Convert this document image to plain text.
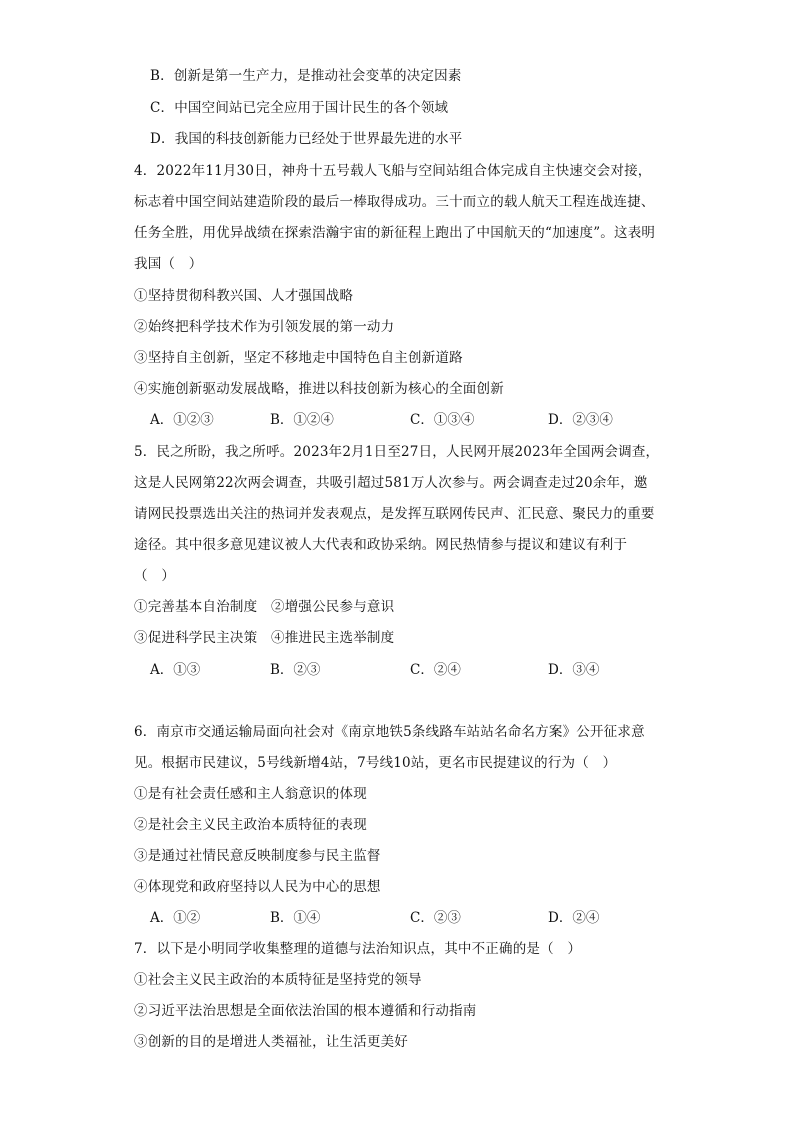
B．创新是第一生产力，是推动社会变革的决定因素
C．中国空间站已完全应用于国计民生的各个领域
D．我国的科技创新能力已经处于世界最先进的水平
4．2022年11月30日，神舟十五号载人飞船与空间站组合体完成自主快速交会对接，
标志着中国空间站建造阶段的最后一棒取得成功。三十而立的载人航天工程连战连捷、
任务全胜，用优异战绩在探索浩瀚宇宙的新征程上跑出了中国航天的“加速度”。这表明
我国（　）
①坚持贯彻科教兴国、人才强国战略
②始终把科学技术作为引领发展的第一动力
③坚持自主创新，坚定不移地走中国特色自主创新道路
④实施创新驱动发展战略，推进以科技创新为核心的全面创新
A．①②③	B．①②④	C．①③④	D．②③④
5．民之所盼，我之所呼。2023年2月1日至27日，人民网开展2023年全国两会调查，
这是人民网第22次两会调查，共吸引超过581万人次参与。两会调查走过20余年，邀
请网民投票选出关注的热词并发表观点，是发挥互联网传民声、汇民意、聚民力的重要
途径。其中很多意见建议被人大代表和政协采纳。网民热情参与提议和建议有利于
（　）
①完善基本自治制度　②增强公民参与意识
③促进科学民主决策　④推进民主选举制度
A．①③	B．②③	C．②④	D．③④
6．南京市交通运输局面向社会对《南京地铁5条线路车站站名命名方案》公开征求意
见。根据市民建议，5号线新增4站，7号线10站，更名市民提建议的行为（　）
①是有社会责任感和主人翁意识的体现
②是社会主义民主政治本质特征的表现
③是通过社情民意反映制度参与民主监督
④体现党和政府坚持以人民为中心的思想
A．①②	B．①④	C．②③	D．②④
7．以下是小明同学收集整理的道德与法治知识点，其中不正确的是（　）
①社会主义民主政治的本质特征是坚持党的领导
②习近平法治思想是全面依法治国的根本遵循和行动指南
③创新的目的是增进人类福祉，让生活更美好
